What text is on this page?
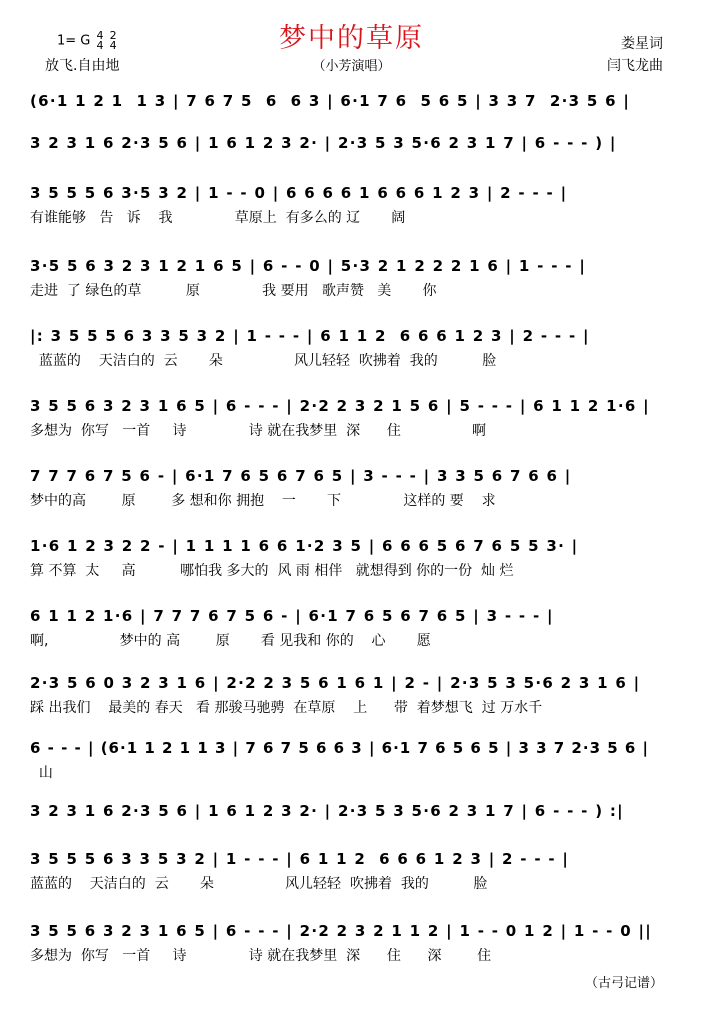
1= G 4
4

2
4
放飞.自由地
梦中的草原
（小芳演唱）
娄星词
闫飞龙曲
(6·1 1 2 1  1 3 | 7 6 7 5  6  6 3 | 6·1 7 6  5 6 5 | 3 3 7  2·3 5 6 |
3 2 3 1 6 2·3 5 6 | 1 6 1 2 3 2· | 2·3 5 3 5·6 2 3 1 7 | 6 - - - ) |
3 5 5 5 6 3·5 3 2 | 1 - - 0 | 6 6 6 6 1 6 6 6 1 2 3 | 2 - - - |
有谁能够   告   诉    我              草原上  有多么的 辽       阔
3·5 5 6 3 2 3 1 2 1 6 5 | 6 - - 0 | 5·3 2 1 2 2 2 1 6 | 1 - - - |
走进  了 绿色的草          原              我 要用   歌声赞   美       你
|: 3 5 5 5 6 3 3 5 3 2 | 1 - - - | 6 1 1 2  6 6 6 1 2 3 | 2 - - - |
蓝蓝的    天洁白的  云       朵                风儿轻轻  吹拂着  我的          脸
3 5 5 6 3 2 3 1 6 5 | 6 - - - | 2·2 2 3 2 1 5 6 | 5 - - - | 6 1 1 2 1·6 |
多想为  你写   一首     诗              诗 就在我梦里  深      住                啊
7 7 7 6 7 5 6 - | 6·1 7 6 5 6 7 6 5 | 3 - - - | 3 3 5 6 7 6 6 |
梦中的高        原        多 想和你 拥抱    一       下              这样的 要    求
1·6 1 2 3 2 2 - | 1 1 1 1 6 6 1·2 3 5 | 6 6 6 5 6 7 6 5 5 3· |
算 不算  太     高          哪怕我 多大的  风 雨 相伴   就想得到 你的一份  灿 烂
6 1 1 2 1·6 | 7 7 7 6 7 5 6 - | 6·1 7 6 5 6 7 6 5 | 3 - - - |
啊,                梦中的 高        原       看 见我和 你的    心       愿
2·3 5 6 0 3 2 3 1 6 | 2·2 2 3 5 6 1 6 1 | 2 - | 2·3 5 3 5·6 2 3 1 6 |
踩 出我们    最美的 春天   看 那骏马驰骋  在草原    上      带  着梦想飞  过 万水千
6 - - - | (6·1 1 2 1 1 3 | 7 6 7 5 6 6 3 | 6·1 7 6 5 6 5 | 3 3 7 2·3 5 6 |
山
3 2 3 1 6 2·3 5 6 | 1 6 1 2 3 2· | 2·3 5 3 5·6 2 3 1 7 | 6 - - - ) :|
3 5 5 5 6 3 3 5 3 2 | 1 - - - | 6 1 1 2  6 6 6 1 2 3 | 2 - - - |
蓝蓝的    天洁白的  云       朵                风儿轻轻  吹拂着  我的          脸
3 5 5 6 3 2 3 1 6 5 | 6 - - - | 2·2 2 3 2 1 1 2 | 1 - - 0 1 2 | 1 - - 0 ||
多想为  你写   一首     诗              诗 就在我梦里  深      住      深        住
（古弓记谱）
